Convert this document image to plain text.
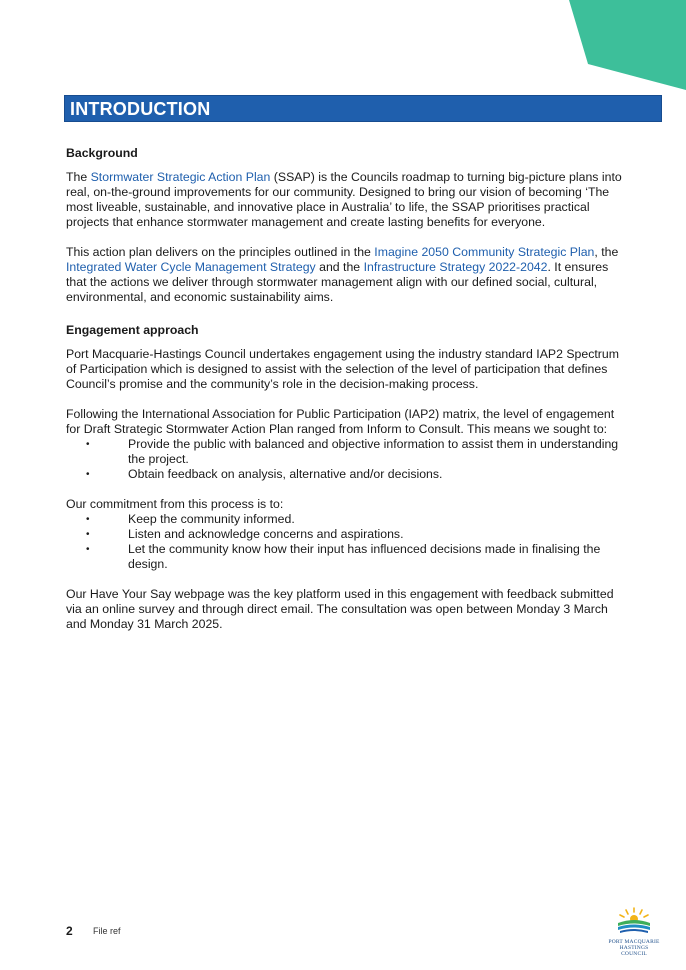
INTRODUCTION
Background

The Stormwater Strategic Action Plan (SSAP) is the Councils roadmap to turning big-picture plans into real, on-the-ground improvements for our community. Designed to bring our vision of becoming ‘The most liveable, sustainable, and innovative place in Australia’ to life, the SSAP prioritises practical projects that enhance stormwater management and create lasting benefits for everyone.

This action plan delivers on the principles outlined in the Imagine 2050 Community Strategic Plan, the Integrated Water Cycle Management Strategy and the Infrastructure Strategy 2022-2042. It ensures that the actions we deliver through stormwater management align with our defined social, cultural, environmental, and economic sustainability aims.

Engagement approach

Port Macquarie-Hastings Council undertakes engagement using the industry standard IAP2 Spectrum of Participation which is designed to assist with the selection of the level of participation that defines Council’s promise and the community’s role in the decision-making process.

Following the International Association for Public Participation (IAP2) matrix, the level of engagement for Draft Strategic Stormwater Action Plan ranged from Inform to Consult. This means we sought to:

• Provide the public with balanced and objective information to assist them in understanding the project.
• Obtain feedback on analysis, alternative and/or decisions.

Our commitment from this process is to:

• Keep the community informed.
• Listen and acknowledge concerns and aspirations.
• Let the community know how their input has influenced decisions made in finalising the design.

Our Have Your Say webpage was the key platform used in this engagement with feedback submitted via an online survey and through direct email. The consultation was open between Monday 3 March and Monday 31 March 2025.

2 File ref
PORT MACQUARIE
HASTINGS COUNCIL
